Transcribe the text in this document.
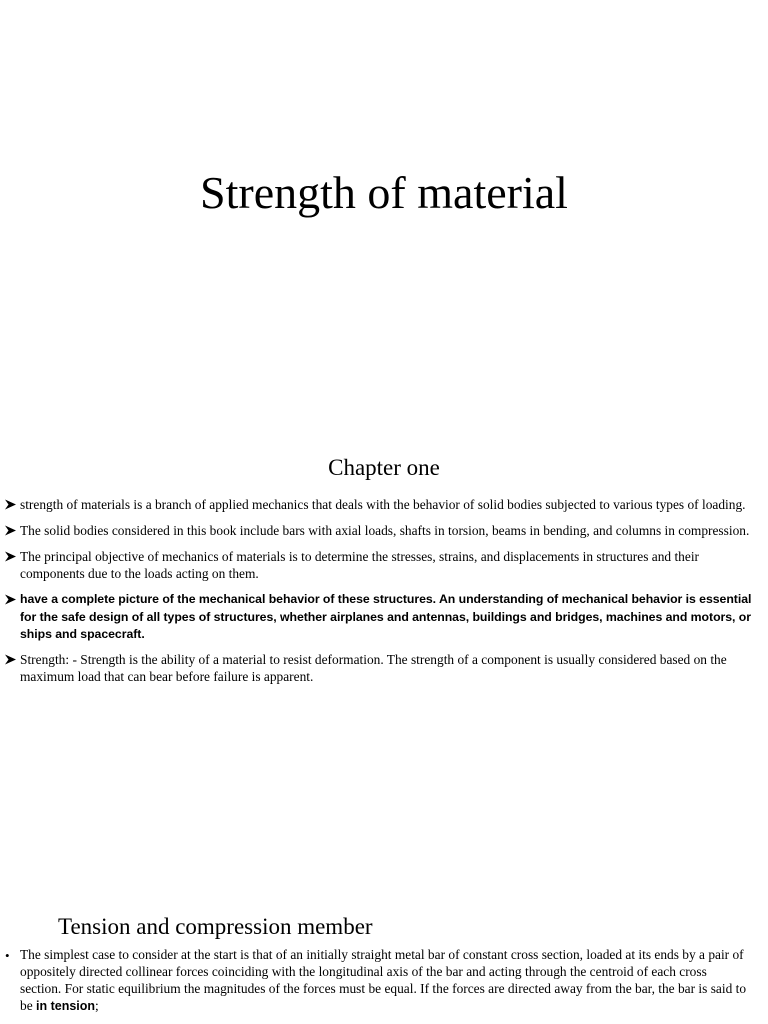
Strength of material
Chapter one
strength of materials is a branch of applied mechanics that deals with the behavior of solid bodies subjected to various types of loading.
The solid bodies considered in this book include bars with axial loads, shafts in torsion, beams in bending, and columns in compression.
The principal objective of mechanics of materials is to determine the stresses, strains, and displacements in structures and their components due to the loads acting on them.
have a complete picture of the mechanical behavior of these structures. An understanding of mechanical behavior is essential for the safe design of all types of structures, whether airplanes and antennas, buildings and bridges, machines and motors, or ships and spacecraft.
Strength: - Strength is the ability of a material to resist deformation. The strength of a component is usually considered based on the maximum load that can bear before failure is apparent.
Tension and compression member
• The simplest case to consider at the start is that of an initially straight metal bar of constant cross section, loaded at its ends by a pair of oppositely directed collinear forces coinciding with the longitudinal axis of the bar and acting through the centroid of each cross section. For static equilibrium the magnitudes of the forces must be equal. If the forces are directed away from the bar, the bar is said to be in tension;
